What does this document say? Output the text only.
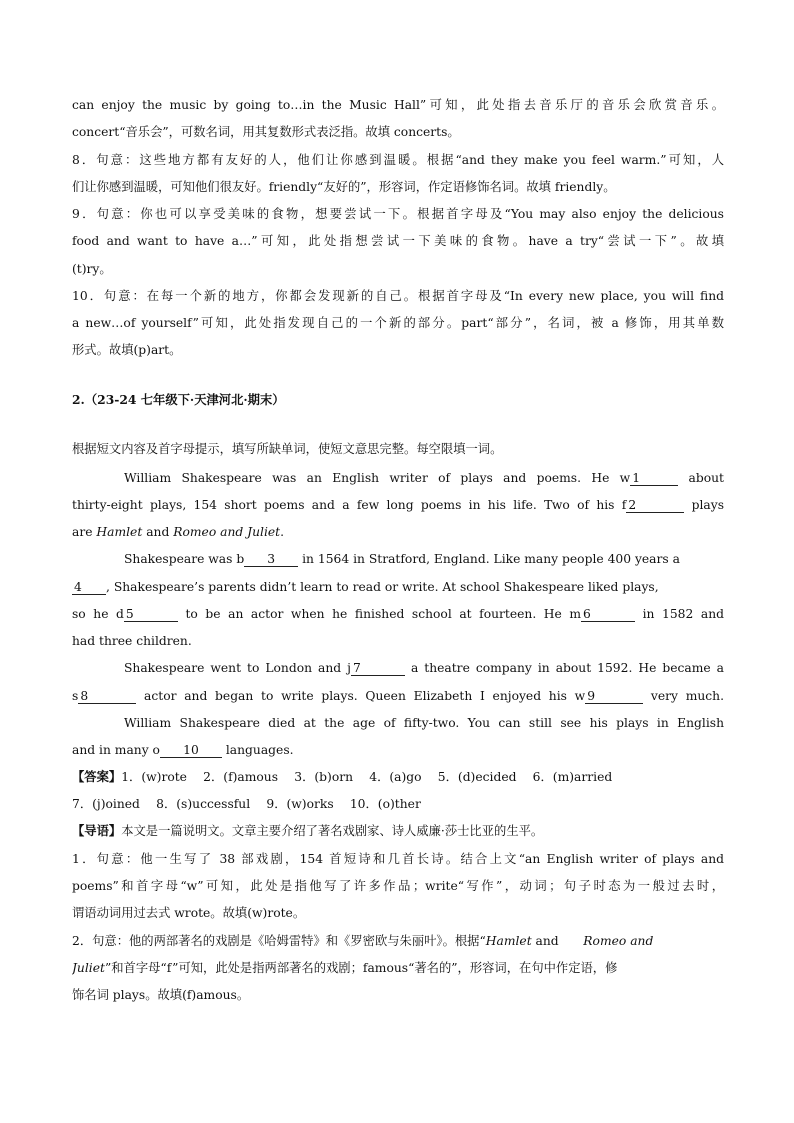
can enjoy the music by going to…in the Music Hall”可知，此处指去音乐厅的音乐会欣赏音乐。
concert“音乐会”，可数名词，用其复数形式表泛指。故填 concerts。
8．句意：这些地方都有友好的人，他们让你感到温暖。根据“and they make you feel warm.”可知，人
们让你感到温暖，可知他们很友好。friendly“友好的”，形容词，作定语修饰名词。故填 friendly。
9．句意：你也可以享受美味的食物，想要尝试一下。根据首字母及“You may also enjoy the delicious
food and want to have a…”可知，此处指想尝试一下美味的食物。have a try“尝试一下”。故填
(t)ry。
10．句意：在每一个新的地方，你都会发现新的自己。根据首字母及“In every new place, you will find
a new…of yourself”可知，此处指发现自己的一个新的部分。part“部分”，名词，被 a 修饰，用其单数
形式。故填(p)art。
2.（23-24 七年级下·天津河北·期末）
根据短文内容及首字母提示，填写所缺单词，使短文意思完整。每空限填一词。
William Shakespeare was an English writer of plays and poems. He w 1	about
thirty-eight plays, 154 short poems and a few long poems in his life. Two of his f 2	plays
are Hamlet and Romeo and Juliet.
Shakespeare was b 3 in 1564 in Stratford, England. Like many people 400 years a
4 , Shakespeare’s parents didn’t learn to read or write. At school Shakespeare liked plays,
so he d 5	to be an actor when he finished school at fourteen. He m 6	in 1582 and
had three children.
Shakespeare went to London and j 7	a theatre company in about 1592. He became a
s 8	actor and began to write plays. Queen Elizabeth I enjoyed his w 9	very much.
William Shakespeare died at the age of fifty-two. You can still see his plays in English
and in many o 10 languages.
【答案】1．(w)rote　 2．(f)amous　 3．(b)orn　 4．(a)go　 5．(d)ecided　 6．(m)arried
7．(j)oined　 8．(s)uccessful　 9．(w)orks　 10．(o)ther
【导语】本文是一篇说明文。文章主要介绍了著名戏剧家、诗人威廉·莎士比亚的生平。
1．句意：他一生写了 38 部戏剧，154 首短诗和几首长诗。结合上文“an English writer of plays and
poems”和首字母“w”可知，此处是指他写了许多作品；write“写作”，动词；句子时态为一般过去时，
谓语动词用过去式 wrote。故填(w)rote。
2．句意：他的两部著名的戏剧是《哈姆雷特》和《罗密欧与朱丽叶》。根据“Hamlet and　　Romeo and
Juliet”和首字母“f”可知，此处是指两部著名的戏剧；famous“著名的”，形容词，在句中作定语，修
饰名词 plays。故填(f)amous。
